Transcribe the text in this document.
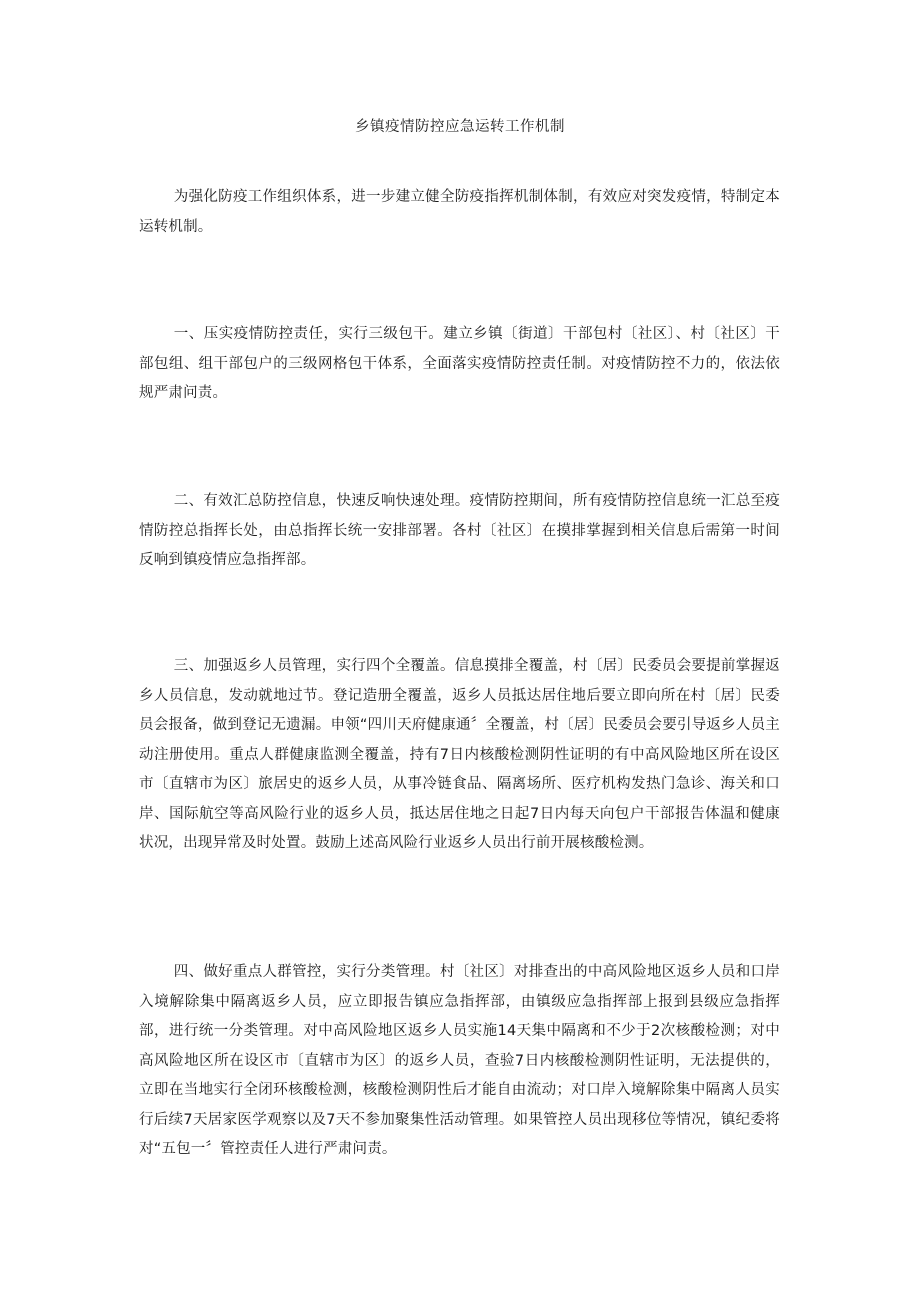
乡镇疫情防控应急运转工作机制

为强化防疫工作组织体系，进一步建立健全防疫指挥机制体制，有效应对突发疫情，特制定本运转机制。

一、压实疫情防控责任，实行三级包干。建立乡镇〔街道〕干部包村〔社区〕、村〔社区〕干部包组、组干部包户的三级网格包干体系，全面落实疫情防控责任制。对疫情防控不力的，依法依规严肃问责。

二、有效汇总防控信息，快速反响快速处理。疫情防控期间，所有疫情防控信息统一汇总至疫情防控总指挥长处，由总指挥长统一安排部署。各村〔社区〕在摸排掌握到相关信息后需第一时间反响到镇疫情应急指挥部。

三、加强返乡人员管理，实行四个全覆盖。信息摸排全覆盖，村〔居〕民委员会要提前掌握返乡人员信息，发动就地过节。登记造册全覆盖，返乡人员抵达居住地后要立即向所在村〔居〕民委员会报备，做到登记无遗漏。申领“四川天府健康通〞全覆盖，村〔居〕民委员会要引导返乡人员主动注册使用。重点人群健康监测全覆盖，持有7日内核酸检测阴性证明的有中高风险地区所在设区市〔直辖市为区〕旅居史的返乡人员，从事冷链食品、隔离场所、医疗机构发热门急诊、海关和口岸、国际航空等高风险行业的返乡人员，抵达居住地之日起7日内每天向包户干部报告体温和健康状况，出现异常及时处置。鼓励上述高风险行业返乡人员出行前开展核酸检测。

四、做好重点人群管控，实行分类管理。村〔社区〕对排查出的中高风险地区返乡人员和口岸入境解除集中隔离返乡人员，应立即报告镇应急指挥部，由镇级应急指挥部上报到县级应急指挥部，进行统一分类管理。对中高风险地区返乡人员实施14天集中隔离和不少于2次核酸检测；对中高风险地区所在设区市〔直辖市为区〕的返乡人员，查验7日内核酸检测阴性证明，无法提供的，立即在当地实行全闭环核酸检测，核酸检测阴性后才能自由流动；对口岸入境解除集中隔离人员实行后续7天居家医学观察以及7天不参加聚集性活动管理。如果管控人员出现移位等情况，镇纪委将对“五包一〞管控责任人进行严肃问责。
